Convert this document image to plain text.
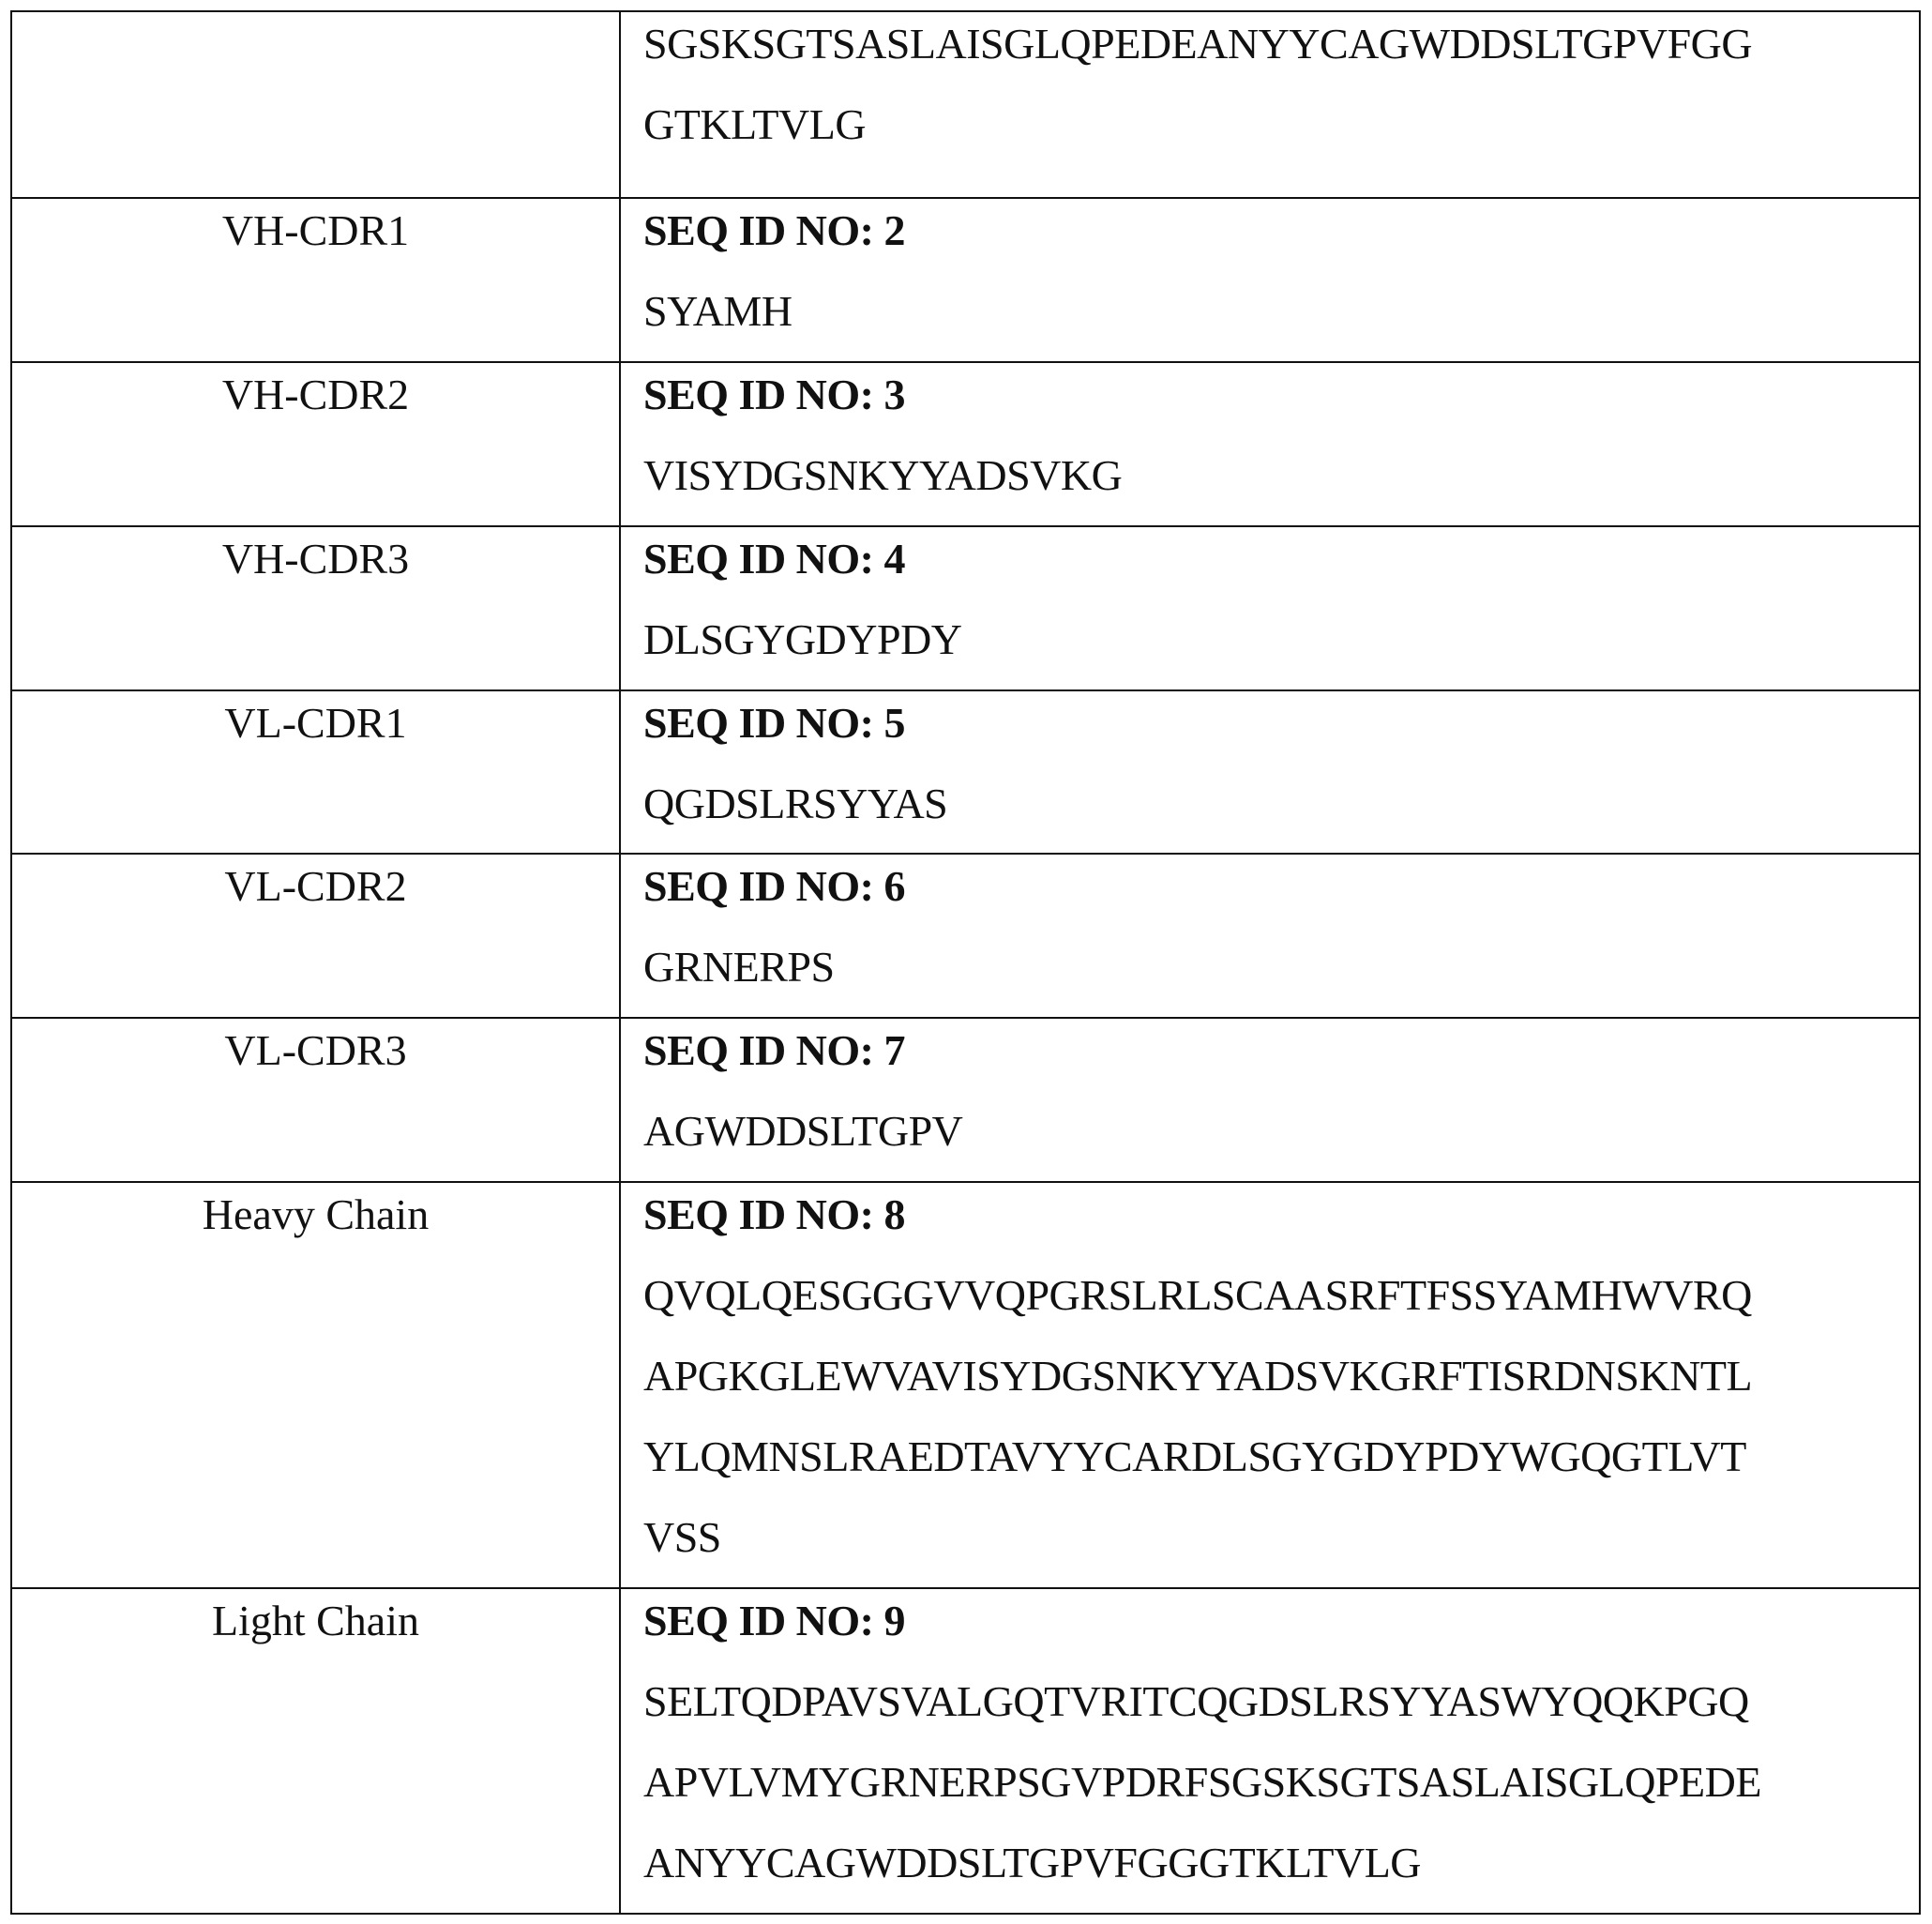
SGSKSGTSASLAISGLQPEDEANYYCAGWDDSLTGPVFGG
GTKLTVLG

VH-CDR1	SEQ ID NO: 2
SYAMH

VH-CDR2	SEQ ID NO: 3
VISYDGSNKYYADSVKG

VH-CDR3	SEQ ID NO: 4
DLSGYGDYPDY

VL-CDR1	SEQ ID NO: 5
QGDSLRSYYAS

VL-CDR2	SEQ ID NO: 6
GRNERPS

VL-CDR3	SEQ ID NO: 7
AGWDDSLTGPV

Heavy Chain	SEQ ID NO: 8
QVQLQESGGGVVQPGRSLRLSCAASRFTFSSYAMHWVRQ
APGKGLEWVAVISYDGSNKYYADSVKGRFTISRDNSKNTL
YLQMNSLRAEDTAVYYCARDLSGYGDYPDYWGQGTLVT
VSS

Light Chain	SEQ ID NO: 9
SELTQDPAVSVALGQTVRITCQGDSLRSYYASWYQQKPGQ
APVLVMYGRNERPSGVPDRFSGSKSGTSASLAISGLQPEDE
ANYYCAGWDDSLTGPVFGGGTKLTVLG
